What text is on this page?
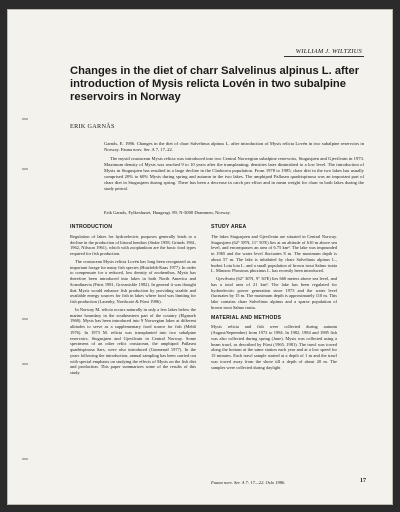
WILLIAM J. WILTZIUS
Changes in the diet of charr Salvelinus alpinus L. after introduction of Mysis relicta Lovén in two subalpine reservoirs in Norway
ERIK GARNÅS

Garnås, E. 1986. Changes in the diet of charr Salvelinus alpinus L. after introduction of Mysis relicta Lovén in two subalpine reservoirs in Norway. Fauna norv. Ser. A 7, 17–22.

The mysid crustacean Mysis relicta was introduced into two Central Norwegian subalpine reservoirs, Stugusjøen and Gjevilvatn in 1973. Maximum density of Mysis was reached 9 to 10 years after the transplanting; densities later diminished to a low level. The introduction of Mysis in Stugusjøen has resulted in a large decline in the Cladocera population. From 1978 to 1985, charr diet in the two lakes has usually comprised 20% to 60% Mysis during spring and autumn in the two lakes. The amphipod Pallasea quadrispinosa was an important part of charr diet in Stugusjøen during spring. There has been a decrease in catch per effort and in mean weight for charr in both lakes during the study period.

Erik Garnås, Fylkeshuset, Haugesgt. 89, N-3000 Drammen, Norway.
INTRODUCTION

Regulation of lakes for hydroelectric purposes generally leads to a decline in the production of littoral benthos (Stube 1958, Grimås 1961, 1962, Nilsson 1961), which with zooplankton are the basic food types required for fish production.

The crustacean Mysis relicta Lovén has long been recognized as an important forage for many fish species (Hustfeldt-Kaas 1977). In order to compensate for a reduced, low density of zoobenthos, Mysis has therefore been introduced into lakes in both North America and Scandinavia (Fürst 1981, Grossnickle 1982). In general it was thought that Mysis would enhance fish production by providing sizable and available energy sources for fish in lakes where food was limiting for fish production (Lasenby, Northcote & Fürst 1986).

In Norway M. relicta occurs naturally in only a few lakes below the marine boundary in the southeastern part of the country (Elgmork 1968). Mysis has been introduced into 9 Norwegian lakes at different altitudes to serve as a supplementary food source for fish (Mehli 1976). In 1973 M. relicta was transplanted into two subalpine reservoirs, Stugusjøen and Gjevilvatn in Central Norway. Some specimens of an other relict crustacean, the amphipod Pallasea quadrispinosa Sars, were also introduced (Gunnerød 1977). In the years following the introduction, annual sampling has been carried out with special emphasis on studying the effects of Mysis on the fish diet and production. This paper summarizes some of the results of this study.

STUDY AREA

The lakes Stugusjøen and Gjevilvatn are situated in Central Norway. Stugusjøen (62° 58'N, 11° 50'E) lies at an altitude of 610 m above sea level, and encompasses an area of 6.75 km². The lake was impounded in 1965 and the water level fluctuates 8 m. The maximum depth is about 57 m. The lake is inhabited by charr Salvelinus alpinus L., burbot Lota lota L. and a small population of brown trout Salmo trutta L. Minnow Phoxinus phoxinus L. has recently been introduced.

Gjevilvatn (62° 30'N, 9° 30'E) lies 660 meters above sea level, and has a total area of 21 km². The lake has been regulated for hydroelectric power generation since 1973 and the water level fluctuates by 15 m. The maximum depth is approximately 110 m. This lake contains charr Salvelinus alpinus and a sparse population of brown trout Salmo trutta.

MATERIAL AND METHODS

Mysis relicta and fish were collected during autumn (August/September) from 1973 to 1984. In 1982, 1984 and 1985 fish was also collected during spring (June). Mysis was collected using a beam trawl, as described by Fürst (1965, 1981). The trawl was towed along the bottom at the same station each year and at a low speed for 15 minutes. Each trawl sample started at a depth of 1 m and the trawl was towed away from the shore till a depth of about 20 m. The samples were collected during daylight

Fauna norv. Ser. A 7: 17—22. Oslo 1986.	17
